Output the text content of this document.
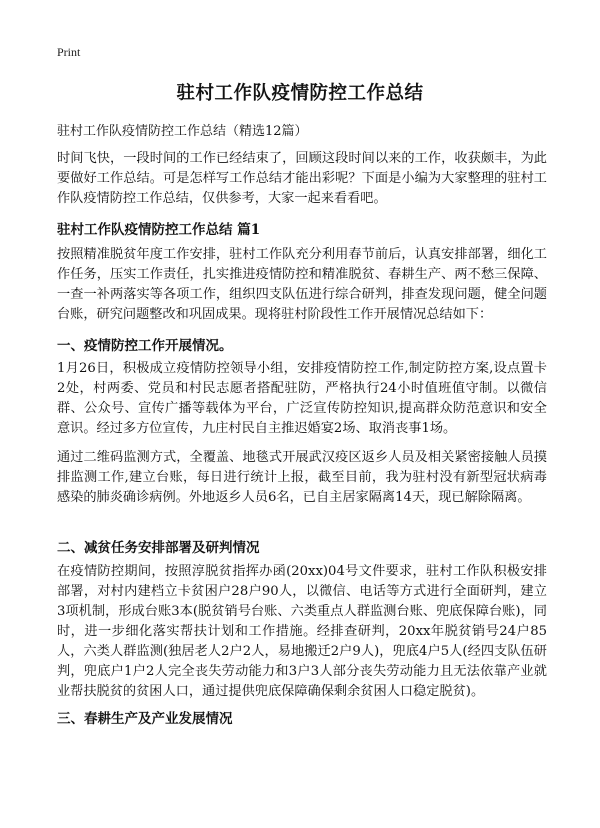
Print
驻村工作队疫情防控工作总结

驻村工作队疫情防控工作总结（精选12篇）

时间飞快，一段时间的工作已经结束了，回顾这段时间以来的工作，收获颇丰，为此要做好工作总结。可是怎样写工作总结才能出彩呢？下面是小编为大家整理的驻村工作队疫情防控工作总结，仅供参考，大家一起来看看吧。

驻村工作队疫情防控工作总结 篇1

按照精准脱贫年度工作安排，驻村工作队充分利用春节前后，认真安排部署，细化工作任务，压实工作责任，扎实推进疫情防控和精准脱贫、春耕生产、两不愁三保障、一查一补两落实等各项工作，组织四支队伍进行综合研判，排查发现问题，健全问题台账，研究问题整改和巩固成果。现将驻村阶段性工作开展情况总结如下：

一、疫情防控工作开展情况。

1月26日，积极成立疫情防控领导小组，安排疫情防控工作,制定防控方案,设点置卡2处，村两委、党员和村民志愿者搭配驻防，严格执行24小时值班值守制。以微信群、公众号、宣传广播等载体为平台，广泛宣传防控知识,提高群众防范意识和安全意识。经过多方位宣传，九庄村民自主推迟婚宴2场、取消丧事1场。

通过二维码监测方式，全覆盖、地毯式开展武汉疫区返乡人员及相关紧密接触人员摸排监测工作,建立台账，每日进行统计上报，截至目前，我为驻村没有新型冠状病毒感染的肺炎确诊病例。外地返乡人员6名，已自主居家隔离14天，现已解除隔离。

二、减贫任务安排部署及研判情况

在疫情防控期间，按照淳脱贫指挥办函(20xx)04号文件要求，驻村工作队积极安排部署，对村内建档立卡贫困户28户90人，以微信、电话等方式进行全面研判，建立3项机制，形成台账3本(脱贫销号台账、六类重点人群监测台账、兜底保障台账)，同时，进一步细化落实帮扶计划和工作措施。经排查研判，20xx年脱贫销号24户85人，六类人群监测(独居老人2户2人，易地搬迁2户9人)，兜底4户5人(经四支队伍研判，兜底户1户2人完全丧失劳动能力和3户3人部分丧失劳动能力且无法依靠产业就业帮扶脱贫的贫困人口，通过提供兜底保障确保剩余贫困人口稳定脱贫)。

三、春耕生产及产业发展情况
